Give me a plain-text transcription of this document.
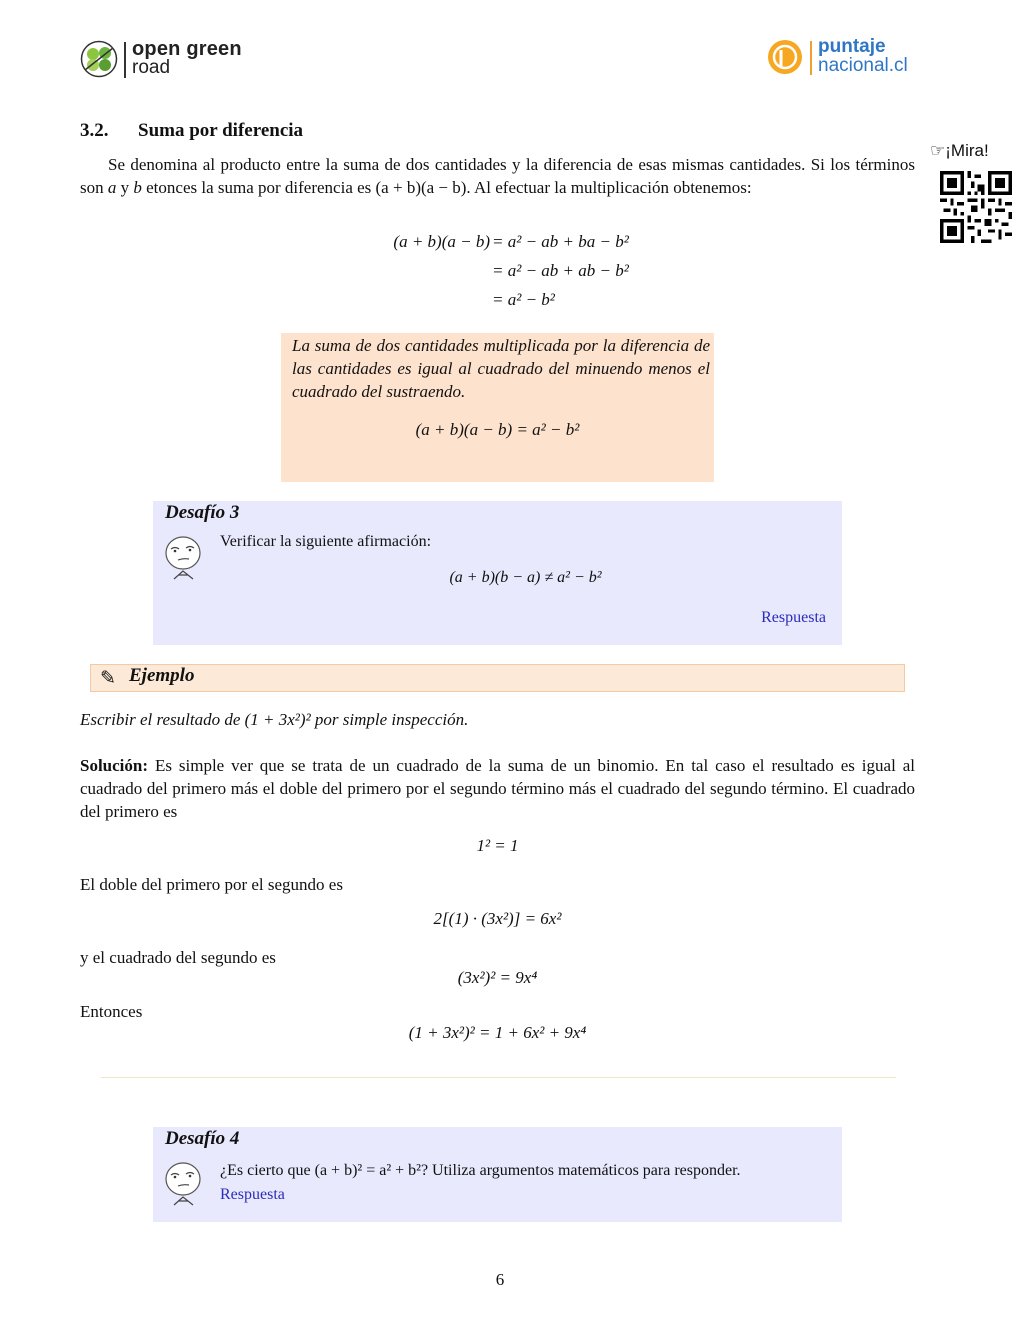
open green
road
puntaje
nacional.cl
☞¡Mira!
3.2. Suma por diferencia
Se denomina al producto entre la suma de dos cantidades y la diferencia de esas mismas cantidades. Si los términos son a y b etonces la suma por diferencia es (a + b)(a − b). Al efectuar la multiplicación obtenemos:
(a + b)(a − b) = a² − ab + ba − b²
= a² − ab + ab − b²
= a² − b²
La suma de dos cantidades multiplicada por la diferencia de las cantidades es igual al cuadrado del minuendo menos el cuadrado del sustraendo.
(a + b)(a − b) = a² − b²
Desafío 3
Verificar la siguiente afirmación:
(a + b)(b − a) ≠ a² − b²
Respuesta
✎ Ejemplo
Escribir el resultado de (1 + 3x²)² por simple inspección.
Solución: Es simple ver que se trata de un cuadrado de la suma de un binomio. En tal caso el resultado es igual al cuadrado del primero más el doble del primero por el segundo término más el cuadrado del segundo término. El cuadrado del primero es
1² = 1
El doble del primero por el segundo es
2[(1) · (3x²)] = 6x²
y el cuadrado del segundo es
(3x²)² = 9x⁴
Entonces
(1 + 3x²)² = 1 + 6x² + 9x⁴
Desafío 4
¿Es cierto que (a + b)² = a² + b²? Utiliza argumentos matemáticos para responder.
Respuesta
6
